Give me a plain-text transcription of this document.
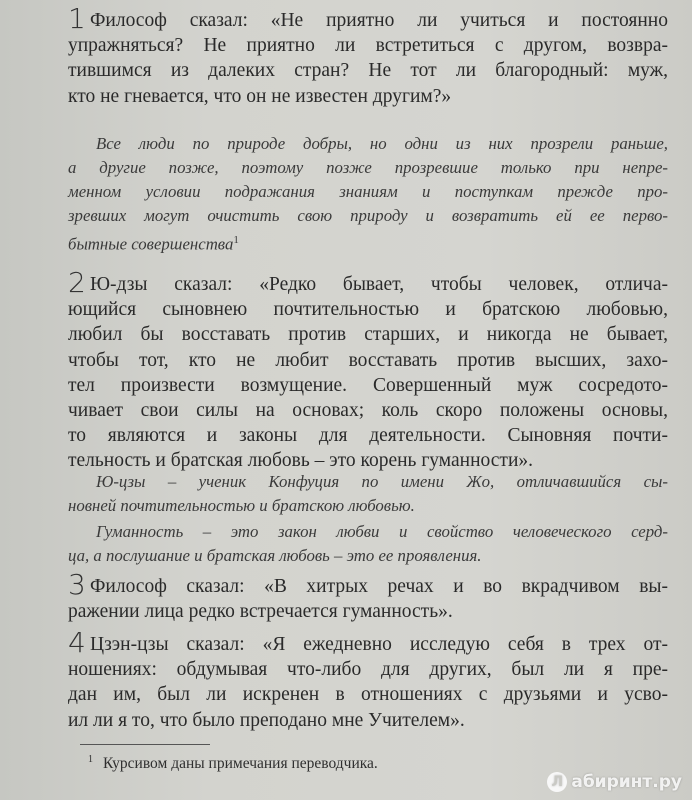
1 Философ сказал: «Не приятно ли учиться и постоянно
упражняться? Не приятно ли встретиться с другом, возвра-
тившимся из далеких стран? Не тот ли благородный: муж,
кто не гневается, что он не известен другим?»
Все люди по природе добры, но одни из них прозрели раньше,
а другие позже, поэтому позже прозревшие только при непре-
менном условии подражания знаниям и поступкам прежде про-
зревших могут очистить свою природу и возвратить ей ее перво-
бытные совершенства$^1$
2 Ю-дзы сказал: «Редко бывает, чтобы человек, отлича-
ющийся сыновнею почтительностью и братскою любовью,
любил бы восставать против старших, и никогда не бывает,
чтобы тот, кто не любит восставать против высших, захо-
тел произвести возмущение. Совершенный муж сосредото-
чивает свои силы на основах; коль скоро положены основы,
то являются и законы для деятельности. Сыновняя почти-
тельность и братская любовь – это корень гуманности».
Ю-цзы – ученик Конфуция по имени Жо, отличавшийся сы-
новней почтительностью и братскою любовью.
Гуманность – это закон любви и свойство человеческого серд-
ца, а послушание и братская любовь – это ее проявления.
3 Философ сказал: «В хитрых речах и во вкрадчивом вы-
ражении лица редко встречается гуманность».
4 Цзэн-цзы сказал: «Я ежедневно исследую себя в трех от-
ношениях: обдумывая что-либо для других, был ли я пре-
дан им, был ли искренен в отношениях с друзьями и усво-
ил ли я то, что было преподано мне Учителем».
$^1$ Курсивом даны примечания переводчика.
Л абиринт.ру
